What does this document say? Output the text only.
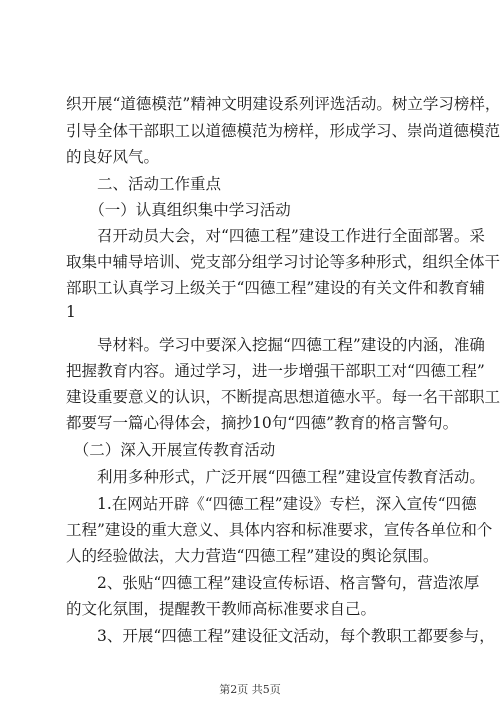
织开展“道德模范”精神文明建设系列评选活动。树立学习榜样，
引导全体干部职工以道德模范为榜样，形成学习、崇尚道德模范
的良好风气。
　　二、活动工作重点
　　（一）认真组织集中学习活动
　　召开动员大会，对“四德工程”建设工作进行全面部署。采
取集中辅导培训、党支部分组学习讨论等多种形式，组织全体干
部职工认真学习上级关于“四德工程”建设的有关文件和教育辅
1
　　导材料。学习中要深入挖掘“四德工程”建设的内涵，准确
把握教育内容。通过学习，进一步增强干部职工对“四德工程”
建设重要意义的认识，不断提高思想道德水平。每一名干部职工
都要写一篇心得体会，摘抄10句“四德”教育的格言警句。
　（二）深入开展宣传教育活动
　　利用多种形式，广泛开展“四德工程”建设宣传教育活动。
　　1.在网站开辟《“四德工程”建设》专栏，深入宣传“四德
工程”建设的重大意义、具体内容和标准要求，宣传各单位和个
人的经验做法，大力营造“四德工程”建设的舆论氛围。
　　2、张贴“四德工程”建设宣传标语、格言警句，营造浓厚
的文化氛围，提醒教干教师高标准要求自己。
　　3、开展“四德工程”建设征文活动，每个教职工都要参与，
第2页 共5页
